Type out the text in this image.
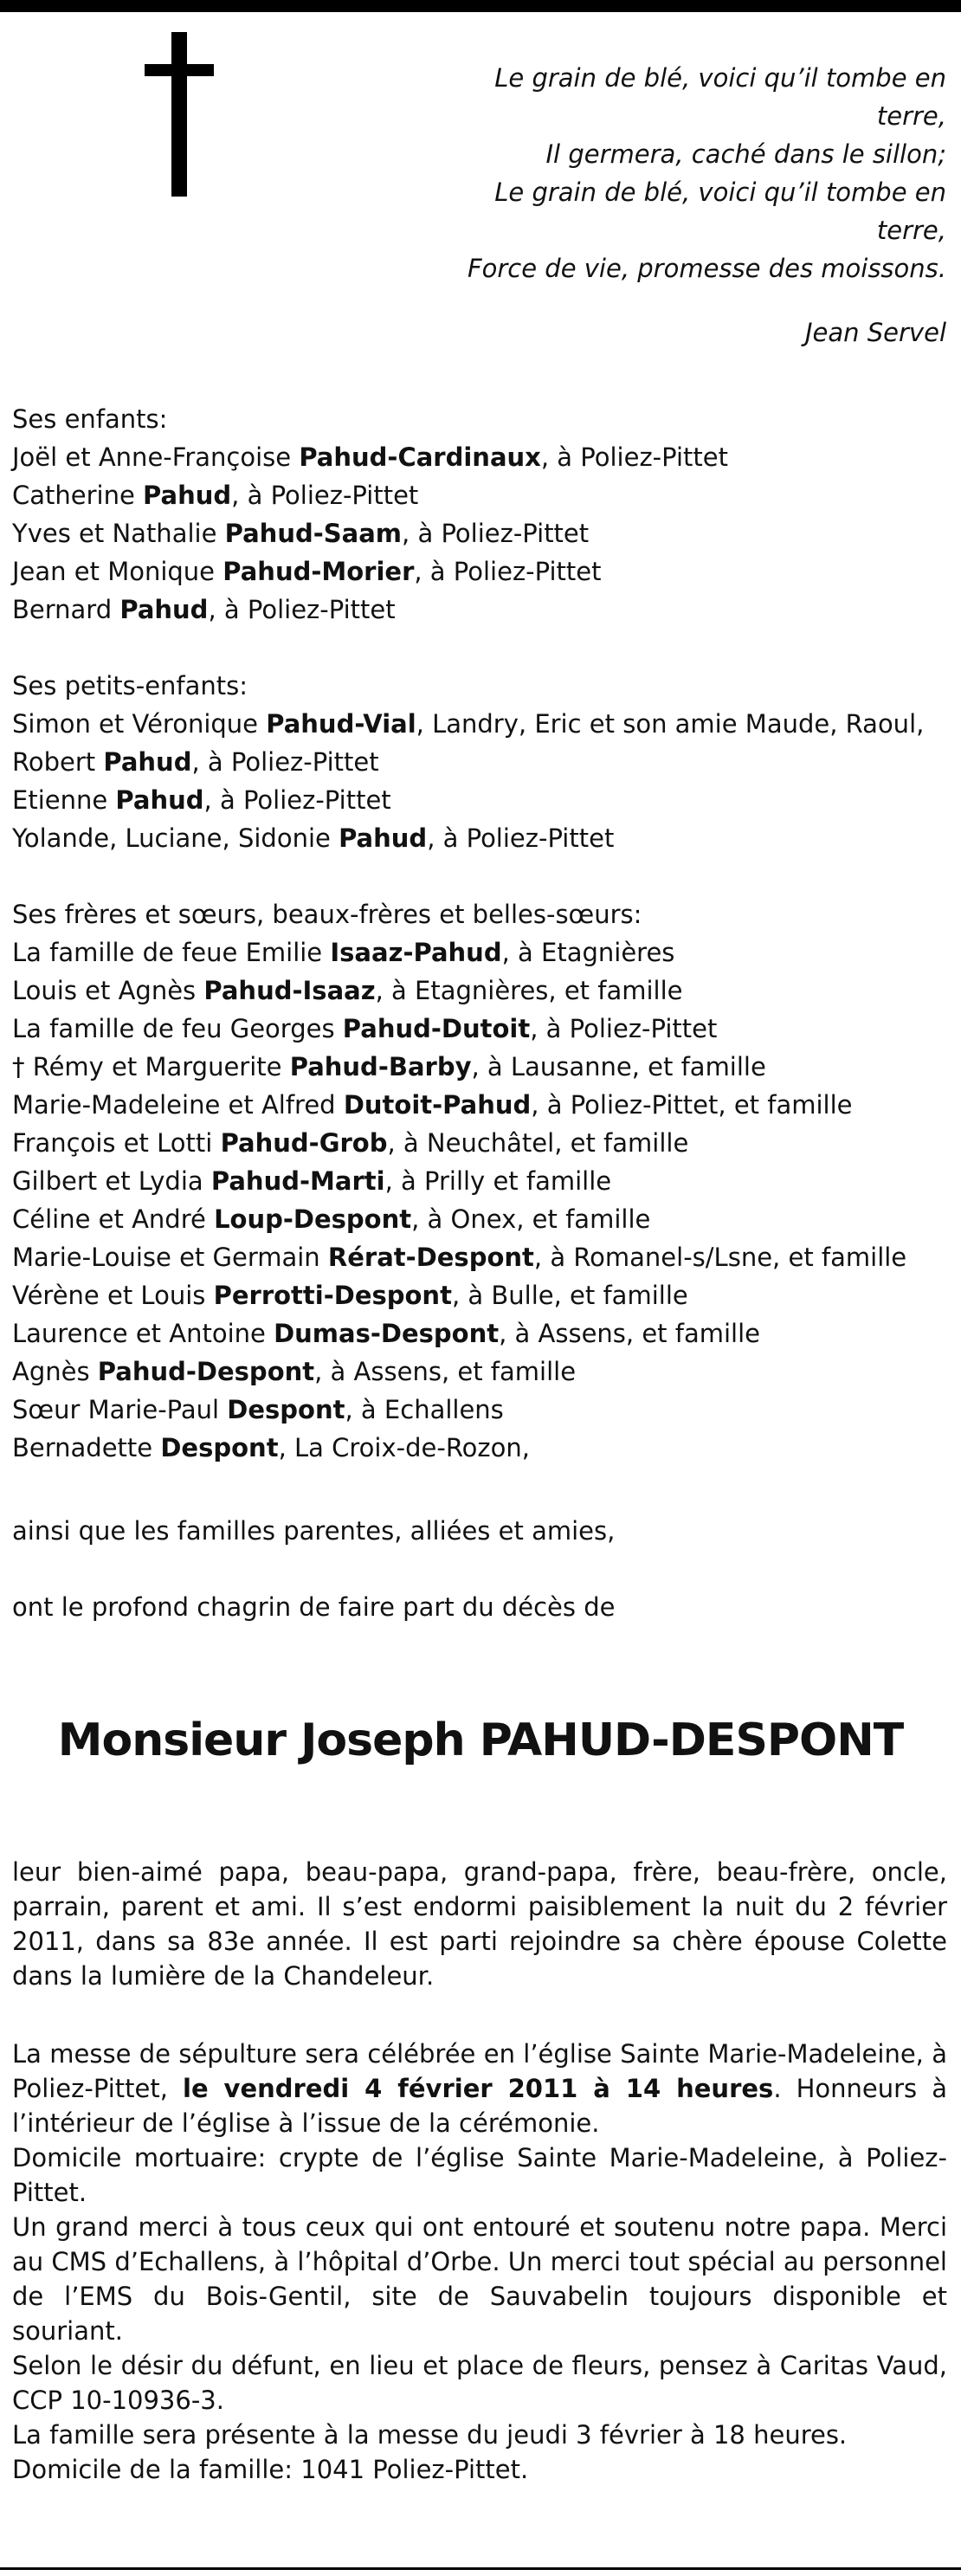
Le grain de blé, voici qu’il tombe en
terre,
Il germera, caché dans le sillon;
Le grain de blé, voici qu’il tombe en
terre,
Force de vie, promesse des moissons.
Jean Servel
Ses enfants:
Joël et Anne-Françoise Pahud-Cardinaux, à Poliez-Pittet
Catherine Pahud, à Poliez-Pittet
Yves et Nathalie Pahud-Saam, à Poliez-Pittet
Jean et Monique Pahud-Morier, à Poliez-Pittet
Bernard Pahud, à Poliez-Pittet
Ses petits-enfants:
Simon et Véronique Pahud-Vial, Landry, Eric et son amie Maude, Raoul,
Robert Pahud, à Poliez-Pittet
Etienne Pahud, à Poliez-Pittet
Yolande, Luciane, Sidonie Pahud, à Poliez-Pittet
Ses frères et sœurs, beaux-frères et belles-sœurs:
La famille de feue Emilie Isaaz-Pahud, à Etagnières
Louis et Agnès Pahud-Isaaz, à Etagnières, et famille
La famille de feu Georges Pahud-Dutoit, à Poliez-Pittet
† Rémy et Marguerite Pahud-Barby, à Lausanne, et famille
Marie-Madeleine et Alfred Dutoit-Pahud, à Poliez-Pittet, et famille
François et Lotti Pahud-Grob, à Neuchâtel, et famille
Gilbert et Lydia Pahud-Marti, à Prilly et famille
Céline et André Loup-Despont, à Onex, et famille
Marie-Louise et Germain Rérat-Despont, à Romanel-s/Lsne, et famille
Vérène et Louis Perrotti-Despont, à Bulle, et famille
Laurence et Antoine Dumas-Despont, à Assens, et famille
Agnès Pahud-Despont, à Assens, et famille
Sœur Marie-Paul Despont, à Echallens
Bernadette Despont, La Croix-de-Rozon,
ainsi que les familles parentes, alliées et amies,
ont le profond chagrin de faire part du décès de
Monsieur Joseph PAHUD-DESPONT
leur bien-aimé papa, beau-papa, grand-papa, frère, beau-frère, oncle, parrain, parent et ami. Il s’est endormi paisiblement la nuit du 2 février 2011, dans sa 83e année. Il est parti rejoindre sa chère épouse Colette dans la lumière de la Chandeleur.
La messe de sépulture sera célébrée en l’église Sainte Marie-Madeleine, à Poliez-Pittet, le vendredi 4 février 2011 à 14 heures. Honneurs à l’intérieur de l’église à l’issue de la cérémonie.
Domicile mortuaire: crypte de l’église Sainte Marie-Madeleine, à Poliez-Pittet.
Un grand merci à tous ceux qui ont entouré et soutenu notre papa. Merci au CMS d’Echallens, à l’hôpital d’Orbe. Un merci tout spécial au personnel de l’EMS du Bois-Gentil, site de Sauvabelin toujours disponible et souriant.
Selon le désir du défunt, en lieu et place de fleurs, pensez à Caritas Vaud, CCP 10-10936-3.
La famille sera présente à la messe du jeudi 3 février à 18 heures.
Domicile de la famille: 1041 Poliez-Pittet.
